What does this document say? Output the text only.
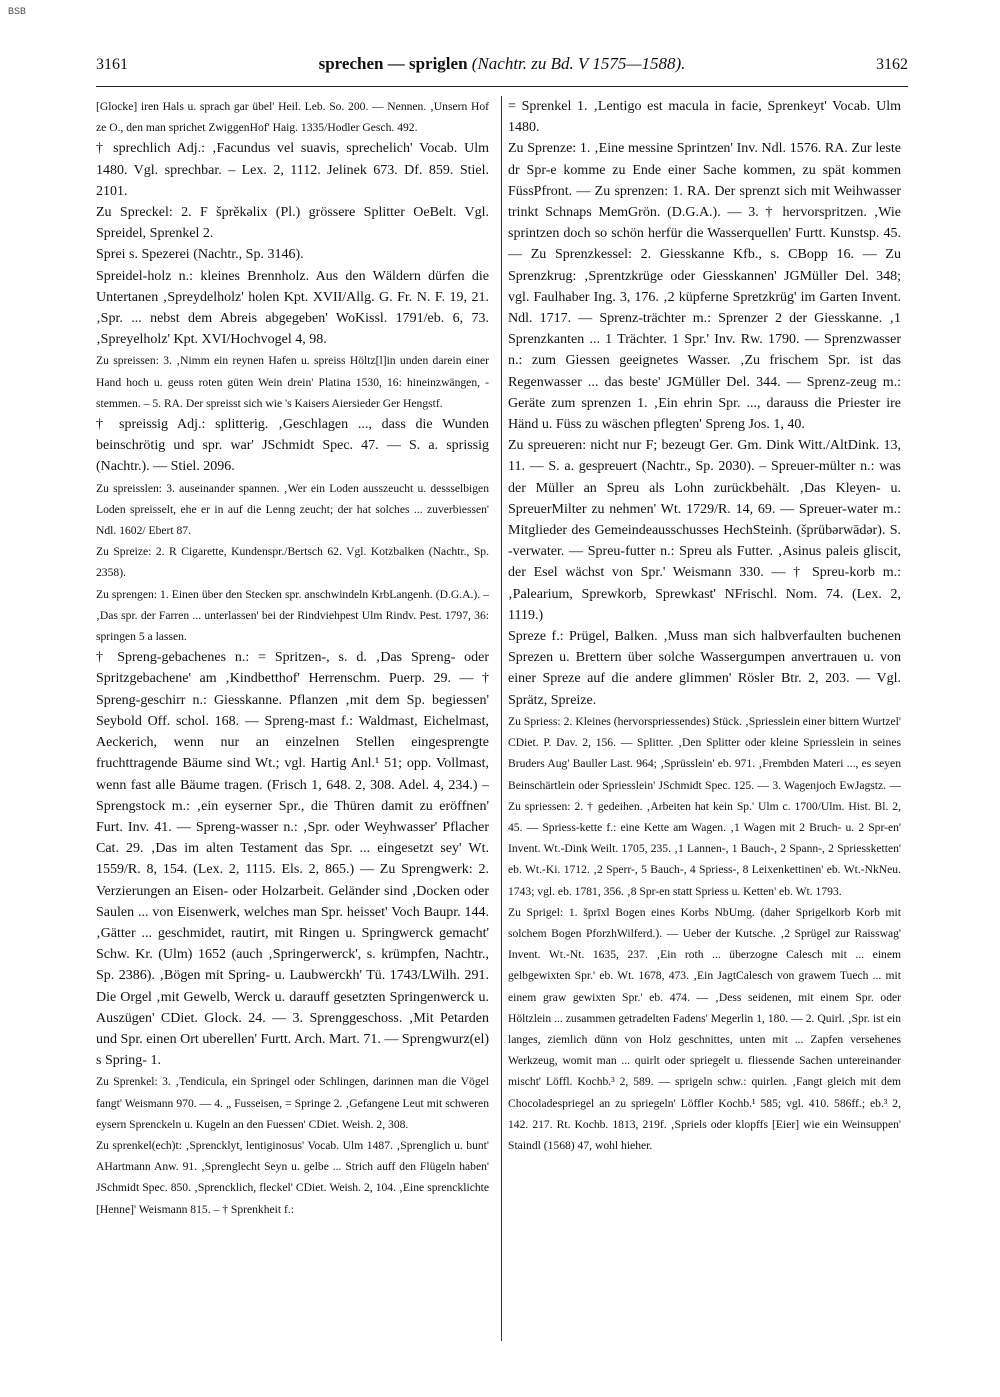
BSB
3161	sprechen — spriglen (Nachtr. zu Bd. V 1575—1588).	3162

[Glocke] iren Hals u. sprach gar übel' Heil. Leb. So. 200. — Nennen. ‚Unsern Hof ze O., den man sprichet ZwiggenHof' Haig. 1335/Hodler Gesch. 492.

† sprechlich Adj.: ‚Facundus vel suavis, sprechelich' Vocab. Ulm 1480. Vgl. sprechbar. – Lex. 2, 1112. Jelinek 673. Df. 859. Stiel. 2101.

Zu Spreckel: 2. F šprĕkəlix (Pl.) grössere Splitter OeBelt. Vgl. Spreidel, Sprenkel 2.

Sprei s. Spezerei (Nachtr., Sp. 3146).

Spreidel-holz n.: kleines Brennholz. Aus den Wäldern dürfen die Untertanen ‚Spreydelholz' holen Kpt. XVII/Allg. G. Fr. N. F. 19, 21. ‚Spr. ... nebst dem Abreis abgegeben' WoKissl. 1791/eb. 6, 73. ‚Spreyelholz' Kpt. XVI/Hochvogel 4, 98.

Zu spreissen: 3. ‚Nimm ein reynen Hafen u. spreiss Höltz[l]in unden darein einer Hand hoch u. geuss roten güten Wein drein' Platina 1530, 16: hineinzwängen, -stemmen. – 5. RA. Der spreisst sich wie 's Kaisers Aiersieder Ger Hengstf.

† spreissig Adj.: splitterig. ‚Geschlagen ..., dass die Wunden beinschrötig und spr. war' JSchmidt Spec. 47. — S. a. sprissig (Nachtr.). — Stiel. 2096.

Zu spreisslen: 3. auseinander spannen. ‚Wer ein Loden ausszeucht u. dessselbigen Loden spreisselt, ehe er in auf die Lenng zeucht; der hat solches ... zuverbiessen' Ndl. 1602/ Ebert 87.

Zu Spreize: 2. R Cigarette, Kundenspr./Bertsch 62. Vgl. Kotzbalken (Nachtr., Sp. 2358).

Zu sprengen: 1. Einen über den Stecken spr. anschwindeln KrbLangenh. (D.G.A.). – ‚Das spr. der Farren ... unterlassen' bei der Rindviehpest Ulm Rindv. Pest. 1797, 36: springen 5 a lassen.

† Spreng-gebachenes n.: = Spritzen-, s. d. ‚Das Spreng- oder Spritzgebachene' am ‚Kindbetthof' Herrenschm. Puerp. 29. — † Spreng-geschirr n.: Giesskanne. Pflanzen ‚mit dem Sp. begiessen' Seybold Off. schol. 168. — Spreng-mast f.: Waldmast, Eichelmast, Aeckerich, wenn nur an einzelnen Stellen eingesprengte fruchttragende Bäume sind Wt.; vgl. Hartig Anl.¹ 51; opp. Vollmast, wenn fast alle Bäume tragen. (Frisch 1, 648. 2, 308. Adel. 4, 234.) – Sprengstock m.: ‚ein eyserner Spr., die Thüren damit zu eröffnen' Furt. Inv. 41. — Spreng-wasser n.: ‚Spr. oder Weyhwasser' Pflacher Cat. 29. ‚Das im alten Testament das Spr. ... eingesetzt sey' Wt. 1559/R. 8, 154. (Lex. 2, 1115. Els. 2, 865.) — Zu Sprengwerk: 2. Verzierungen an Eisen- oder Holzarbeit. Geländer sind ‚Docken oder Saulen ... von Eisenwerk, welches man Spr. heisset' Voch Baupr. 144. ‚Gätter ... geschmidet, rautirt, mit Ringen u. Springwerck gemacht' Schw. Kr. (Ulm) 1652 (auch ‚Springerwerck', s. krümpfen, Nachtr., Sp. 2386). ‚Bögen mit Spring- u. Laubwerckh' Tü. 1743/LWilh. 291. Die Orgel ‚mit Gewelb, Werck u. darauff gesetzten Springenwerck u. Auszügen' CDiet. Glock. 24. — 3. Sprenggeschoss. ‚Mit Petarden und Spr. einen Ort uberellen' Furtt. Arch. Mart. 71. — Sprengwurz(el) s Spring- 1.

Zu Sprenkel: 3. ‚Tendicula, ein Springel oder Schlingen, darinnen man die Vögel fangt' Weismann 970. — 4. „ Fusseisen, = Springe 2. ‚Gefangene Leut mit schweren eysern Sprenckeln u. Kugeln an den Fuessen' CDiet. Weish. 2, 308.

Zu sprenkel(ech)t: ‚Sprencklyt, lentiginosus' Vocab. Ulm 1487. ‚Sprenglich u. bunt' AHartmann Anw. 91. ‚Sprenglecht Seyn u. gelbe ... Strich auff den Flügeln haben' JSchmidt Spec. 850. ‚Sprencklich, fleckel' CDiet. Weish. 2, 104. ‚Eine sprencklichte [Henne]' Weismann 815. – † Sprenkheit f.:

= Sprenkel 1. ‚Lentigo est macula in facie, Sprenkeyt' Vocab. Ulm 1480.

Zu Sprenze: 1. ‚Eine messine Sprintzen' Inv. Ndl. 1576. RA. Zur leste dr Spr-e komme zu Ende einer Sache kommen, zu spät kommen FüssPfront. — Zu sprenzen: 1. RA. Der sprenzt sich mit Weihwasser trinkt Schnaps MemGrön. (D.G.A.). — 3. † hervorspritzen. ‚Wie sprintzen doch so schön herfür die Wasserquellen' Furtt. Kunstsp. 45. — Zu Sprenzkessel: 2. Giesskanne Kfb., s. CBopp 16. — Zu Sprenzkrug: ‚Sprentzkrüge oder Giesskannen' JGMüller Del. 348; vgl. Faulhaber Ing. 3, 176. ‚2 küpferne Spretzkrüg' im Garten Invent. Ndl. 1717. — Sprenz-trächter m.: Sprenzer 2 der Giesskanne. ‚1 Sprenzkanten ... 1 Trächter. 1 Spr.' Inv. Rw. 1790. — Sprenzwasser n.: zum Giessen geeignetes Wasser. ‚Zu frischem Spr. ist das Regenwasser ... das beste' JGMüller Del. 344. — Sprenz-zeug m.: Geräte zum sprenzen 1. ‚Ein ehrin Spr. ..., darauss die Priester ire Händ u. Füss zu wäschen pflegten' Spreng Jos. 1, 40.

Zu spreueren: nicht nur F; bezeugt Ger. Gm. Dink Witt./AltDink. 13, 11. — S. a. gespreuert (Nachtr., Sp. 2030). – Spreuer-mülter n.: was der Müller an Spreu als Lohn zurückbehält. ‚Das Kleyen- u. SpreuerMilter zu nehmen' Wt. 1729/R. 14, 69. — Spreuer-water m.: Mitglieder des Gemeindeausschusses HechSteinh. (šprübərwādər). S. -verwater. — Spreu-futter n.: Spreu als Futter. ‚Asinus paleis gliscit, der Esel wächst von Spr.' Weismann 330. — † Spreu-korb m.: ‚Palearium, Sprewkorb, Sprewkast' NFrischl. Nom. 74. (Lex. 2, 1119.)

Spreze f.: Prügel, Balken. ‚Muss man sich halbverfaulten buchenen Sprezen u. Brettern über solche Wassergumpen anvertrauen u. von einer Spreze auf die andere glimmen' Rösler Btr. 2, 203. — Vgl. Sprätz, Spreize.

Zu Spriess: 2. Kleines (hervorspriessendes) Stück. ‚Spriesslein einer bittern Wurtzel' CDiet. P. Dav. 2, 156. — Splitter. ‚Den Splitter oder kleine Spriesslein in seines Bruders Aug' Bauller Last. 964; ‚Sprüsslein' eb. 971. ‚Frembden Materi ..., es seyen Beinschärtlein oder Spriesslein' JSchmidt Spec. 125. — 3. Wagenjoch EwJagstz. — Zu spriessen: 2. † gedeihen. ‚Arbeiten hat kein Sp.' Ulm c. 1700/Ulm. Hist. Bl. 2, 45. — Spriess-kette f.: eine Kette am Wagen. ‚1 Wagen mit 2 Bruch- u. 2 Spr-en' Invent. Wt.-Dink Weilt. 1705, 235. ‚1 Lannen-, 1 Bauch-, 2 Spann-, 2 Spriessketten' eb. Wt.-Ki. 1712. ‚2 Sperr-, 5 Bauch-, 4 Spriess-, 8 Leixenkettinen' eb. Wt.-NkNeu. 1743; vgl. eb. 1781, 356. ‚8 Spr-en statt Spriess u. Ketten' eb. Wt. 1793.

Zu Sprigel: 1. šprīxl Bogen eines Korbs NbUmg. (daher Sprigelkorb Korb mit solchem Bogen PforzhWilferd.). — Ueber der Kutsche. ‚2 Sprügel zur Raisswag' Invent. Wt.-Nt. 1635, 237. ‚Ein roth ... überzogne Calesch mit ... einem gelbgewixten Spr.' eb. Wt. 1678, 473. ‚Ein JagtCalesch von grawem Tuech ... mit einem graw gewixten Spr.' eb. 474. — ‚Dess seidenen, mit einem Spr. oder Höltzlein ... zusammen getradelten Fadens' Megerlin 1, 180. — 2. Quirl. ‚Spr. ist ein langes, ziemlich dünn von Holz geschnittes, unten mit ... Zapfen versehenes Werkzeug, womit man ... quirlt oder spriegelt u. fliessende Sachen untereinander mischt' Löffl. Kochb.³ 2, 589. — sprigeln schw.: quirlen. ‚Fangt gleich mit dem Chocoladespriegel an zu spriegeln' Löffler Kochb.¹ 585; vgl. 410. 586ff.; eb.³ 2, 142. 217. Rt. Kochb. 1813, 219f. ‚Spriels oder klopffs [Eier] wie ein Weinsuppen' Staindl (1568) 47, wohl hieher.
